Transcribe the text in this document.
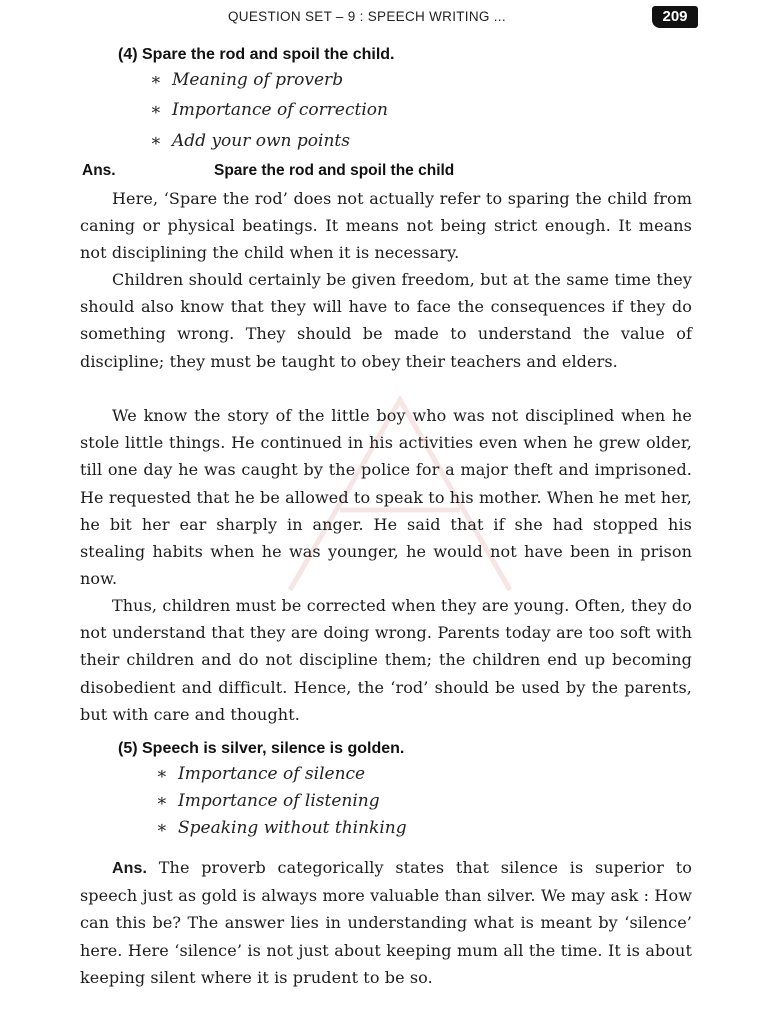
QUESTION SET – 9 : SPEECH WRITING ...	209
(4) Spare the rod and spoil the child.
∗ Meaning of proverb
∗ Importance of correction
∗ Add your own points
Ans.	Spare the rod and spoil the child

Here, ‘Spare the rod’ does not actually refer to sparing the child from caning or physical beatings. It means not being strict enough. It means not disciplining the child when it is necessary.

Children should certainly be given freedom, but at the same time they should also know that they will have to face the consequences if they do something wrong. They should be made to understand the value of discipline; they must be taught to obey their teachers and elders.

We know the story of the little boy who was not disciplined when he stole little things. He continued in his activities even when he grew older, till one day he was caught by the police for a major theft and imprisoned. He requested that he be allowed to speak to his mother. When he met her, he bit her ear sharply in anger. He said that if she had stopped his stealing habits when he was younger, he would not have been in prison now.

Thus, children must be corrected when they are young. Often, they do not understand that they are doing wrong. Parents today are too soft with their children and do not discipline them; the children end up becoming disobedient and difficult. Hence, the ‘rod’ should be used by the parents, but with care and thought.

(5) Speech is silver, silence is golden.
∗ Importance of silence
∗ Importance of listening
∗ Speaking without thinking

Ans. The proverb categorically states that silence is superior to speech just as gold is always more valuable than silver. We may ask : How can this be? The answer lies in understanding what is meant by ‘silence’ here. Here ‘silence’ is not just about keeping mum all the time. It is about keeping silent where it is prudent to be so.
